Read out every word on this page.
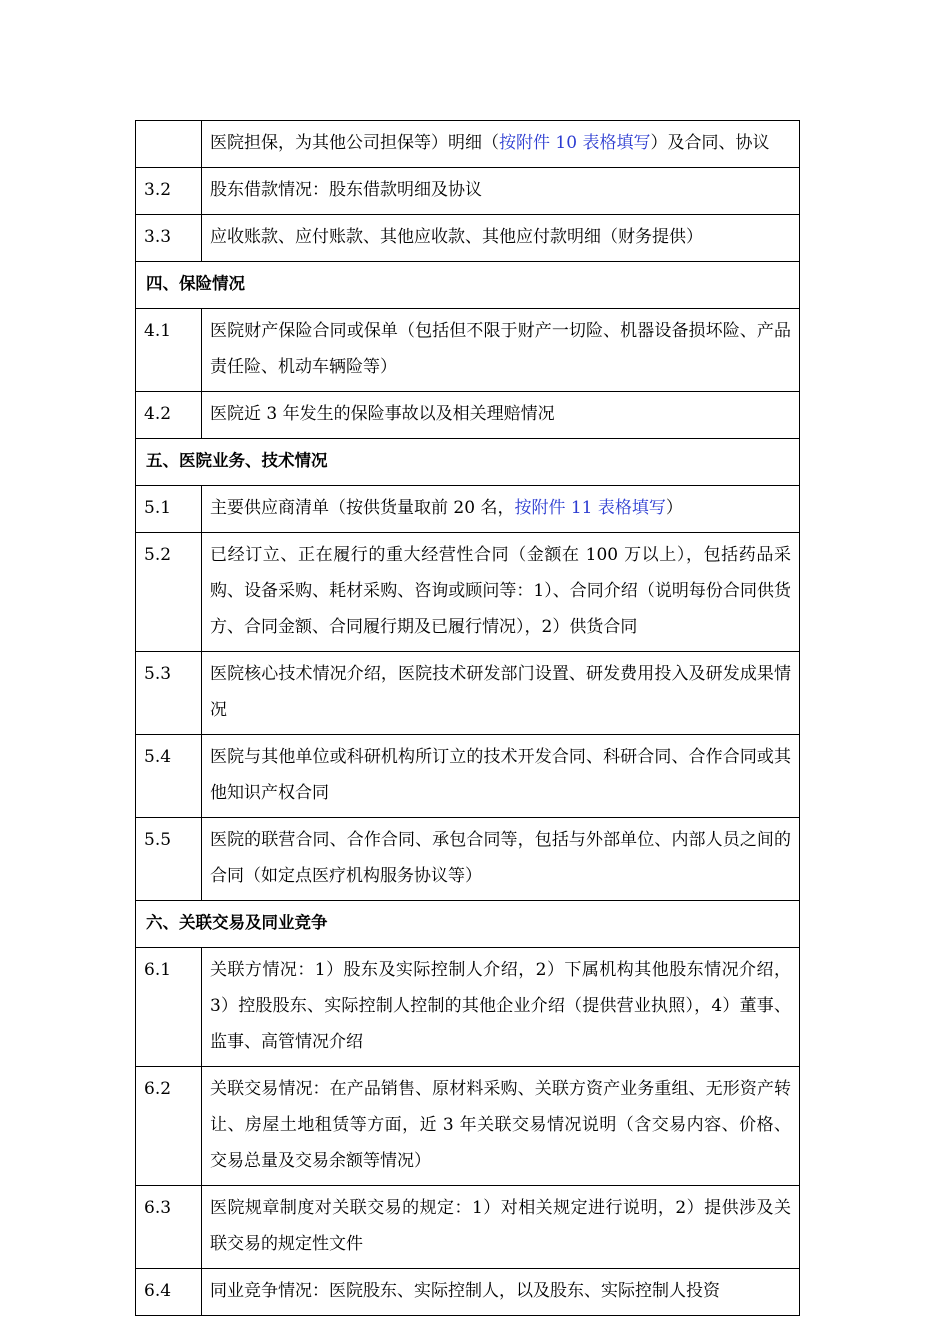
	医院担保，为其他公司担保等）明细（按附件 10 表格填写）及合同、协议
3.2	股东借款情况：股东借款明细及协议
3.3	应收账款、应付账款、其他应收款、其他应付款明细（财务提供）
四、保险情况	
4.1	医院财产保险合同或保单（包括但不限于财产一切险、机器设备损坏险、产品责任险、机动车辆险等）
4.2	医院近 3 年发生的保险事故以及相关理赔情况
五、医院业务、技术情况	
5.1	主要供应商清单（按供货量取前 20 名，按附件 11 表格填写）
5.2	已经订立、正在履行的重大经营性合同（金额在 100 万以上），包括药品采购、设备采购、耗材采购、咨询或顾问等：1）、合同介绍（说明每份合同供货方、合同金额、合同履行期及已履行情况），2）供货合同
5.3	医院核心技术情况介绍，医院技术研发部门设置、研发费用投入及研发成果情况
5.4	医院与其他单位或科研机构所订立的技术开发合同、科研合同、合作合同或其他知识产权合同
5.5	医院的联营合同、合作合同、承包合同等，包括与外部单位、内部人员之间的合同（如定点医疗机构服务协议等）
六、关联交易及同业竞争	
6.1	关联方情况：1）股东及实际控制人介绍，2）下属机构其他股东情况介绍，3）控股股东、实际控制人控制的其他企业介绍（提供营业执照），4）董事、监事、高管情况介绍
6.2	关联交易情况：在产品销售、原材料采购、关联方资产业务重组、无形资产转让、房屋土地租赁等方面，近 3 年关联交易情况说明（含交易内容、价格、交易总量及交易余额等情况）
6.3	医院规章制度对关联交易的规定：1）对相关规定进行说明，2）提供涉及关联交易的规定性文件
6.4	同业竞争情况：医院股东、实际控制人，以及股东、实际控制人投资
